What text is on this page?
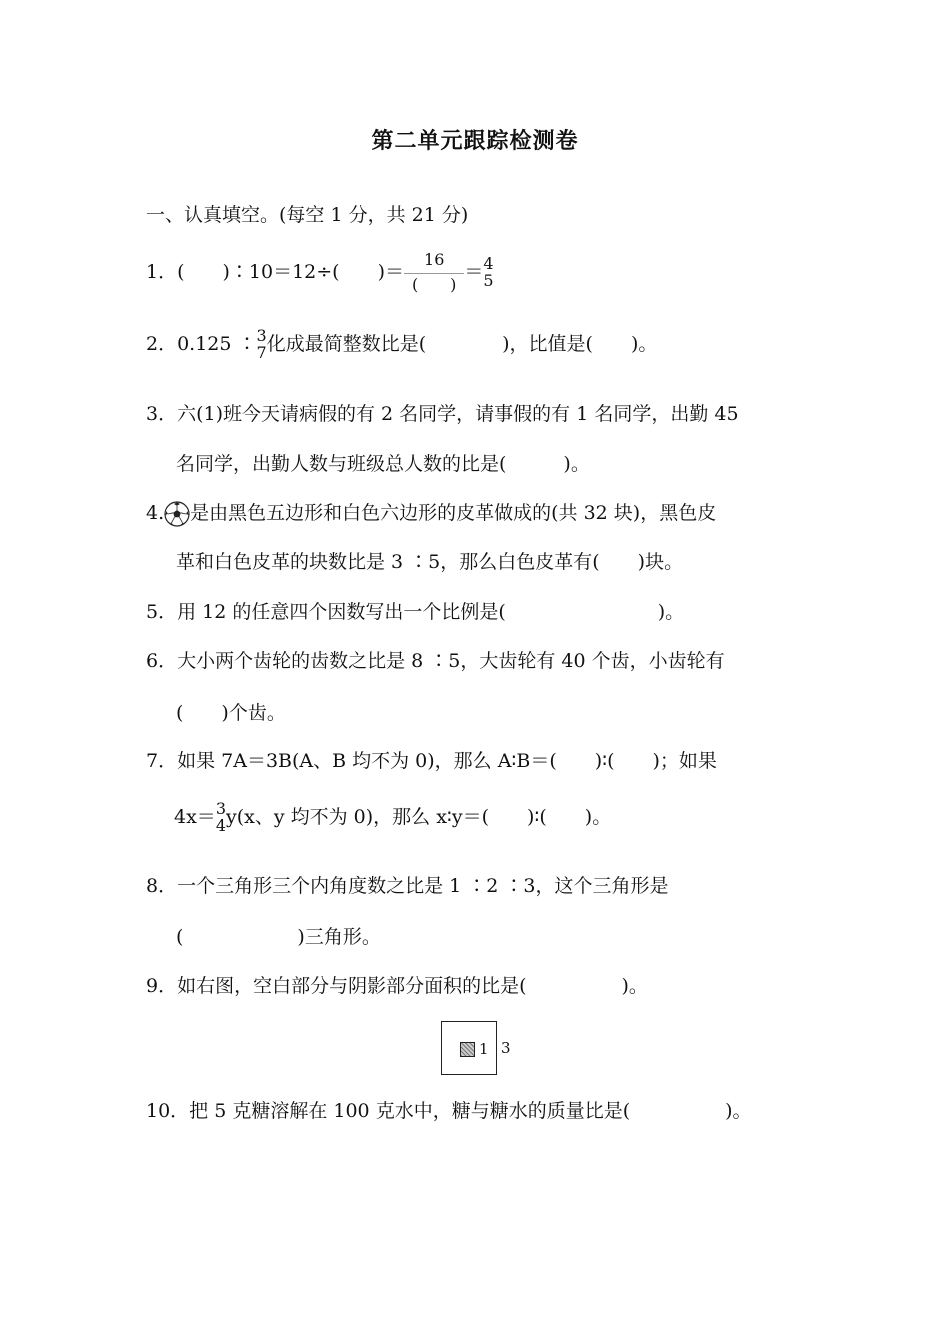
第二单元跟踪检测卷
一、认真填空。(每空 1 分，共 21 分)
1．(　　)∶10＝12÷(　　)＝ $\frac{16}{( )} = 4$
5
2．0.125 ∶ 3
7 化成最简整数比是(　　　　)，比值是(　　)。
3．六(1)班今天请病假的有 2 名同学，请事假的有 1 名同学，出勤 45
名同学，出勤人数与班级总人数的比是(　　　)。
4. 是由黑色五边形和白色六边形的皮革做成的(共 32 块)，黑色皮
革和白色皮革的块数比是 3 ∶5，那么白色皮革有(　　)块。
5．用 12 的任意四个因数写出一个比例是(　　　　　　　　)。
6．大小两个齿轮的齿数之比是 8 ∶5，大齿轮有 40 个齿，小齿轮有
(　　)个齿。
7．如果 7A＝3B(A、B 均不为 0)，那么 A∶B＝(　　)∶(　　)；如果
4x＝ 3
4 y(x、y 均不为 0)，那么 x∶y＝(　　)∶(　　)。
8．一个三角形三个内角度数之比是 1 ∶2 ∶3，这个三角形是
(　　　　　　)三角形。
9．如右图，空白部分与阴影部分面积的比是(　　　　　)。
1 3
10．把 5 克糖溶解在 100 克水中，糖与糖水的质量比是(　　　　　)。
